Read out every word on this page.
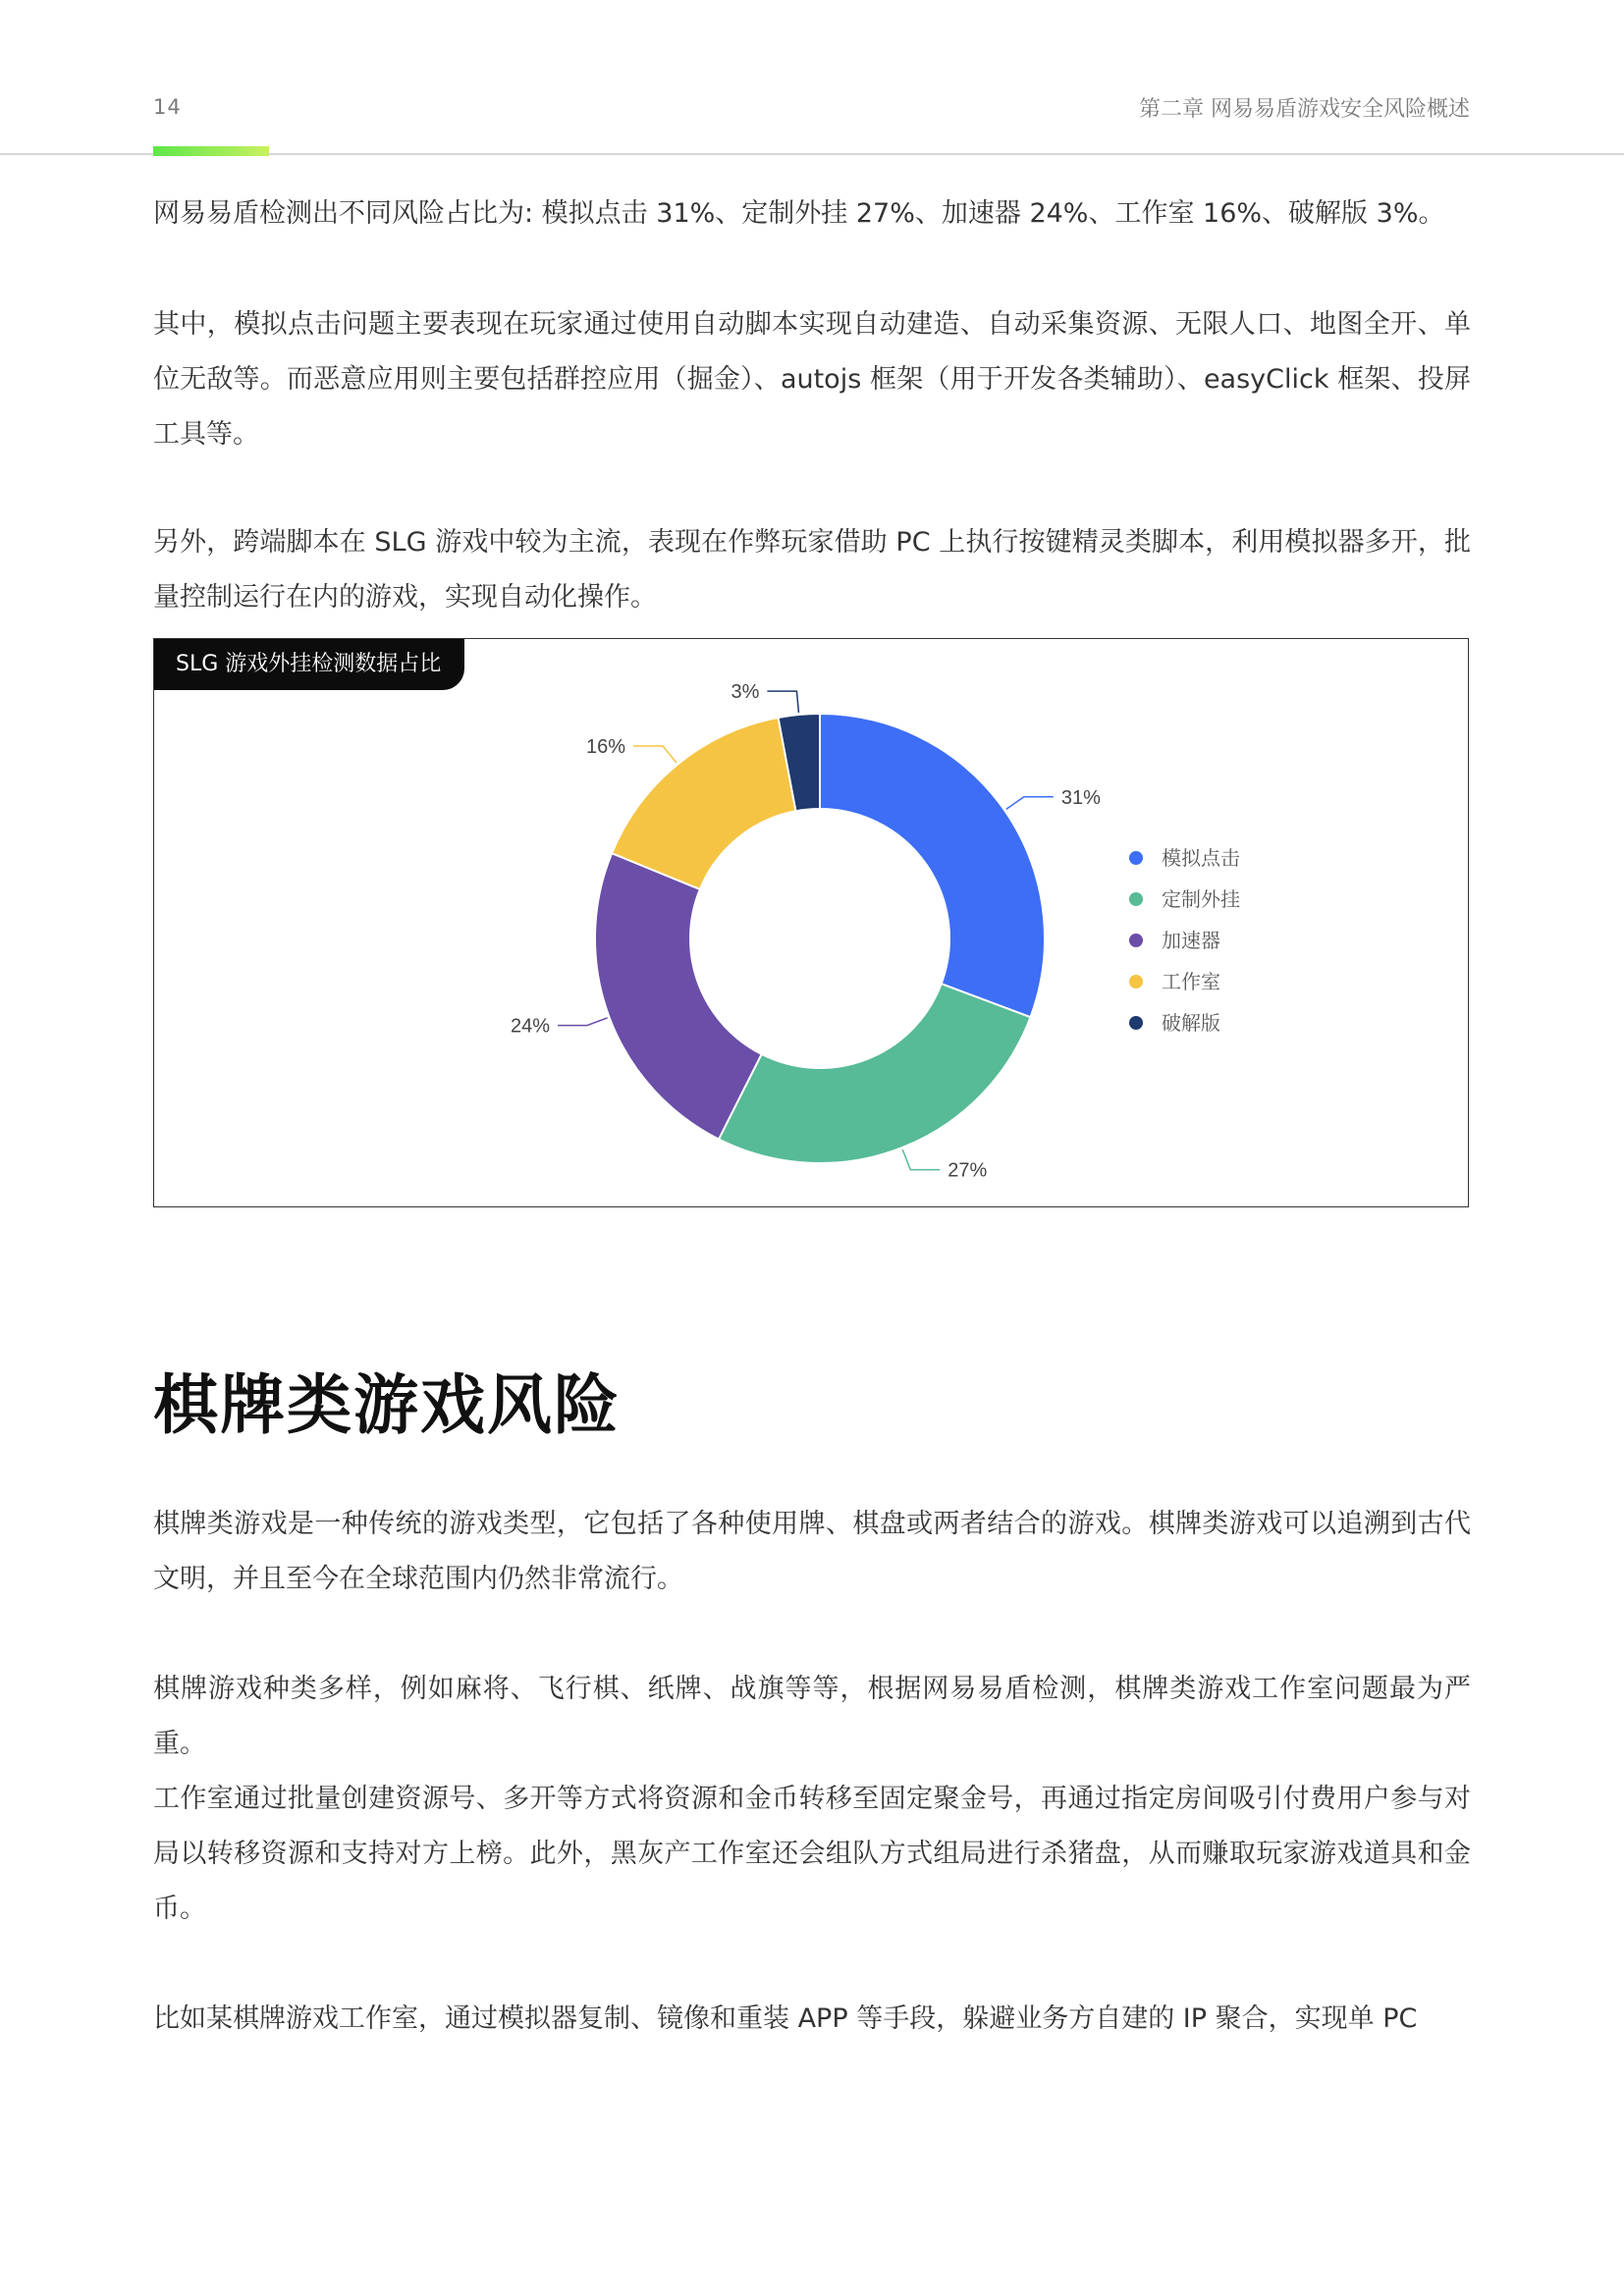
14	第二章 网易易盾游戏安全风险概述

网易易盾检测出不同风险占比为: 模拟点击 31%、定制外挂 27%、加速器 24%、工作室 16%、破解版 3%。

其中，模拟点击问题主要表现在玩家通过使用自动脚本实现自动建造、自动采集资源、无限人口、地图全开、单位无敌等。而恶意应用则主要包括群控应用（掘金）、autojs 框架（用于开发各类辅助）、easyClick 框架、投屏工具等。

另外，跨端脚本在 SLG 游戏中较为主流，表现在作弊玩家借助 PC 上执行按键精灵类脚本，利用模拟器多开，批量控制运行在内的游戏，实现自动化操作。

SLG 游戏外挂检测数据占比
31%
27%
24%
16%
3%
模拟点击
定制外挂
加速器
工作室
破解版
棋牌类游戏风险

棋牌类游戏是一种传统的游戏类型，它包括了各种使用牌、棋盘或两者结合的游戏。棋牌类游戏可以追溯到古代文明，并且至今在全球范围内仍然非常流行。

棋牌游戏种类多样，例如麻将、飞行棋、纸牌、战旗等等，根据网易易盾检测，棋牌类游戏工作室问题最为严重。

工作室通过批量创建资源号、多开等方式将资源和金币转移至固定聚金号，再通过指定房间吸引付费用户参与对局以转移资源和支持对方上榜。此外，黑灰产工作室还会组队方式组局进行杀猪盘，从而赚取玩家游戏道具和金币。

比如某棋牌游戏工作室，通过模拟器复制、镜像和重装 APP 等手段，躲避业务方自建的 IP 聚合，实现单 PC
